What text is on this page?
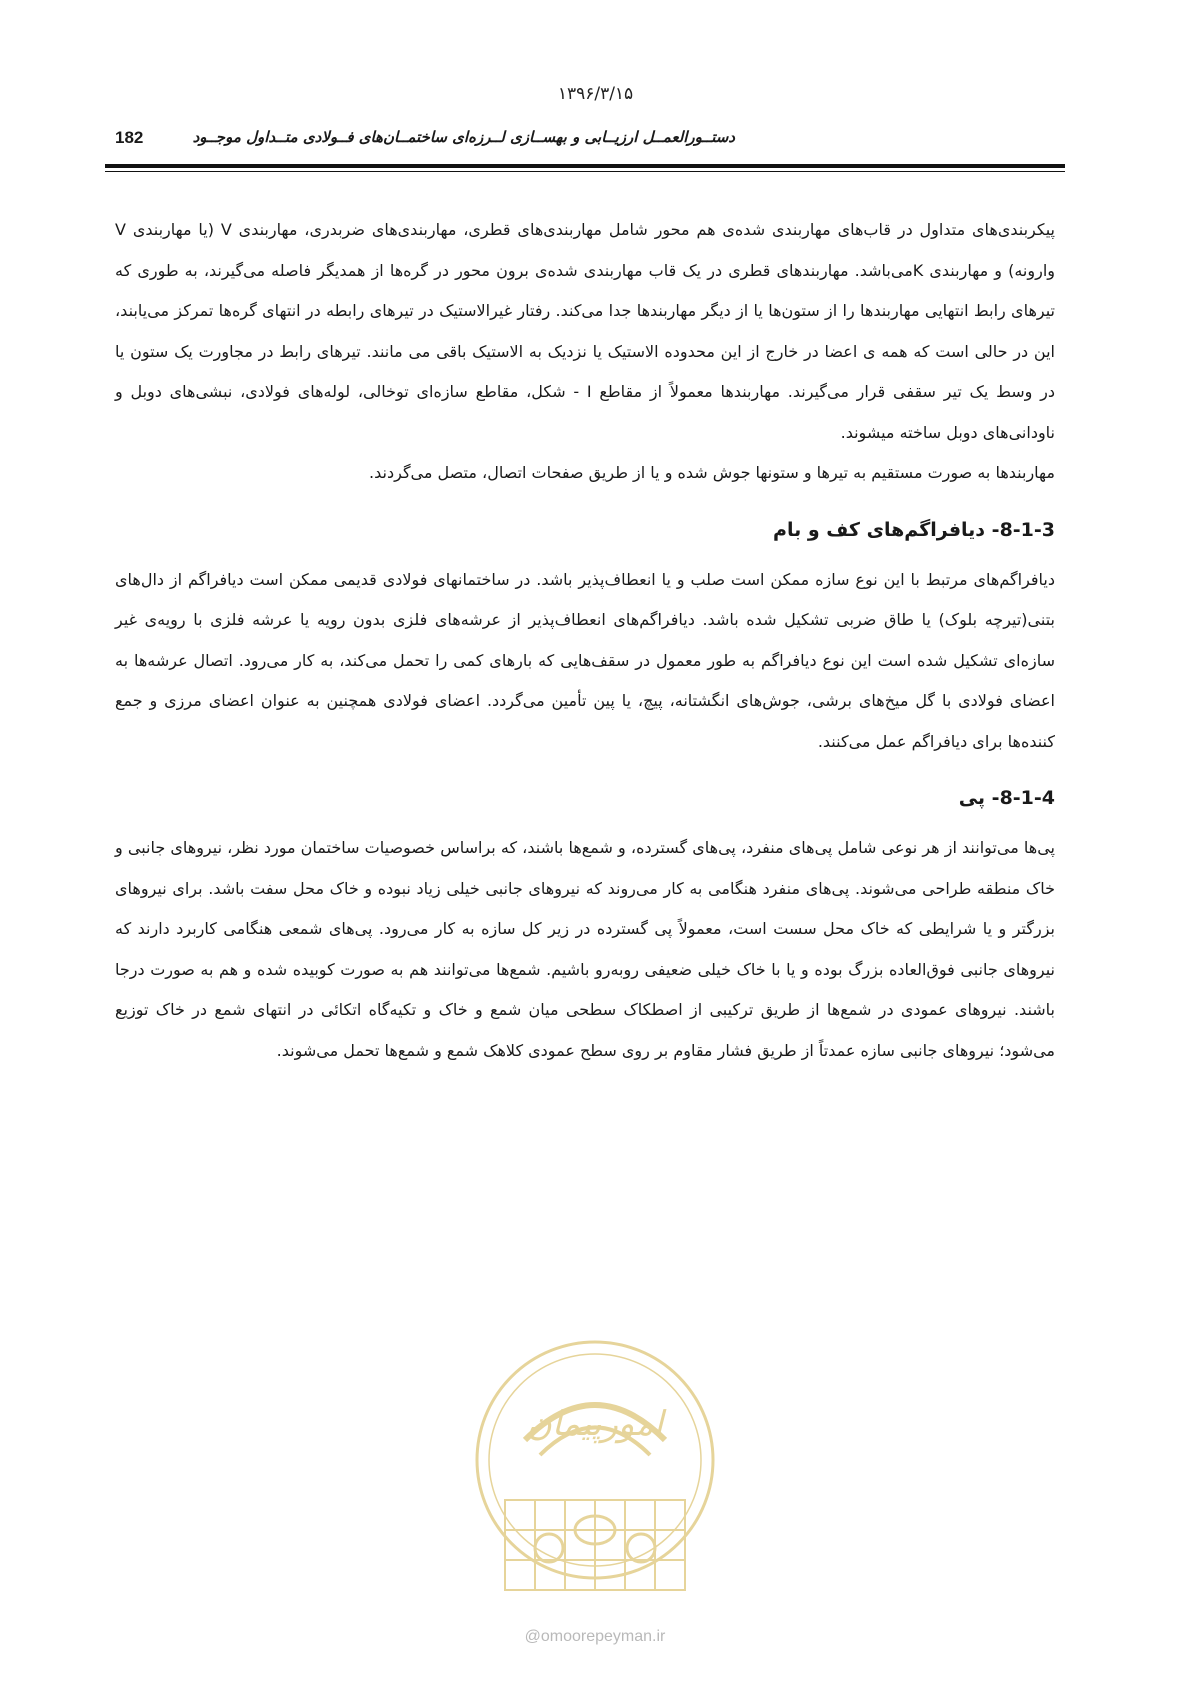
۱۳۹۶/۳/۱۵
182	دستــورالعمــل ارزیــابی و بهســازی لــرزه‌ای ساختمــان‌های فــولادی متــداول موجــود

پیکربندی‌های متداول در قاب‌های مهاربندی شده‌ی هم محور شامل مهاربندی‌های قطری، مهاربندی‌های ضربدری، مهاربندی V (یا مهاربندی V وارونه) و مهاربندی Kمی‌باشد. مهاربندهای قطری در یک قاب مهاربندی شده‌ی برون محور در گره‌ها از همدیگر فاصله می‌گیرند، به طوری که تیرهای رابط انتهایی مهاربندها را از ستون‌ها یا از دیگر مهاربندها جدا می‌کند. رفتار غیرالاستیک در تیرهای رابطه در انتهای گره‌ها تمرکز می‌یابند، این در حالی است که همه ی اعضا در خارج از این محدوده الاستیک یا نزدیک به الاستیک باقی می مانند. تیرهای رابط در مجاورت یک ستون یا در وسط یک تیر سقفی قرار می‌گیرند. مهاربندها معمولاً از مقاطع I - شکل، مقاطع سازه‌ای توخالی، لوله‌های فولادی، نبشی‌های دوبل و ناودانی‌های دوبل ساخته میشوند.

مهاربندها به صورت مستقیم به تیرها و ستونها جوش شده و یا از طریق صفحات اتصال، متصل می‌گردند.

8-1-3- دیافراگم‌های کف و بام

دیافراگم‌های مرتبط با این نوع سازه ممکن است صلب و یا انعطاف‌پذیر باشد. در ساختمانهای فولادی قدیمی ممکن است دیافراگم از دال‌های بتنی(تیرچه بلوک) یا طاق ضربی تشکیل شده باشد. دیافراگم‌های انعطاف‌پذیر از عرشه‌های فلزی بدون رویه یا عرشه فلزی با رویه‌ی غیر سازه‌ای تشکیل شده است این نوع دیافراگم به طور معمول در سقف‌هایی که بارهای کمی را تحمل می‌کند، به کار می‌رود. اتصال عرشه‌ها به اعضای فولادی با گل میخ‌های برشی، جوش‌های انگشتانه، پیچ، یا پین تأمین می‌گردد. اعضای فولادی همچنین به عنوان اعضای مرزی و جمع کننده‌ها برای دیافراگم عمل می‌کنند.

8-1-4- پی

پی‌ها می‌توانند از هر نوعی شامل پی‌های منفرد، پی‌های گسترده، و شمع‌ها باشند، که براساس خصوصیات ساختمان مورد نظر، نیروهای جانبی و خاک منطقه طراحی می‌شوند. پی‌های منفرد هنگامی به کار می‌روند که نیروهای جانبی خیلی زیاد نبوده و خاک محل سفت باشد. برای نیروهای بزرگتر و یا شرایطی که خاک محل سست است، معمولاً پی گسترده در زیر کل سازه به کار می‌رود. پی‌های شمعی هنگامی کاربرد دارند که نیروهای جانبی فوق‌العاده بزرگ بوده و یا با خاک خیلی ضعیفی روبه‌رو باشیم. شمع‌ها می‌توانند هم به صورت کوبیده شده و هم به صورت درجا باشند. نیروهای عمودی در شمع‌ها از طریق ترکیبی از اصطکاک سطحی میان شمع و خاک و تکیه‌گاه اتکائی در انتهای شمع در خاک توزیع می‌شود؛ نیروهای جانبی سازه عمدتاً از طریق فشار مقاوم بر روی سطح عمودی کلاهک شمع و شمع‌ها تحمل می‌شوند.

امورپیمان
@omoorepeyman.ir
